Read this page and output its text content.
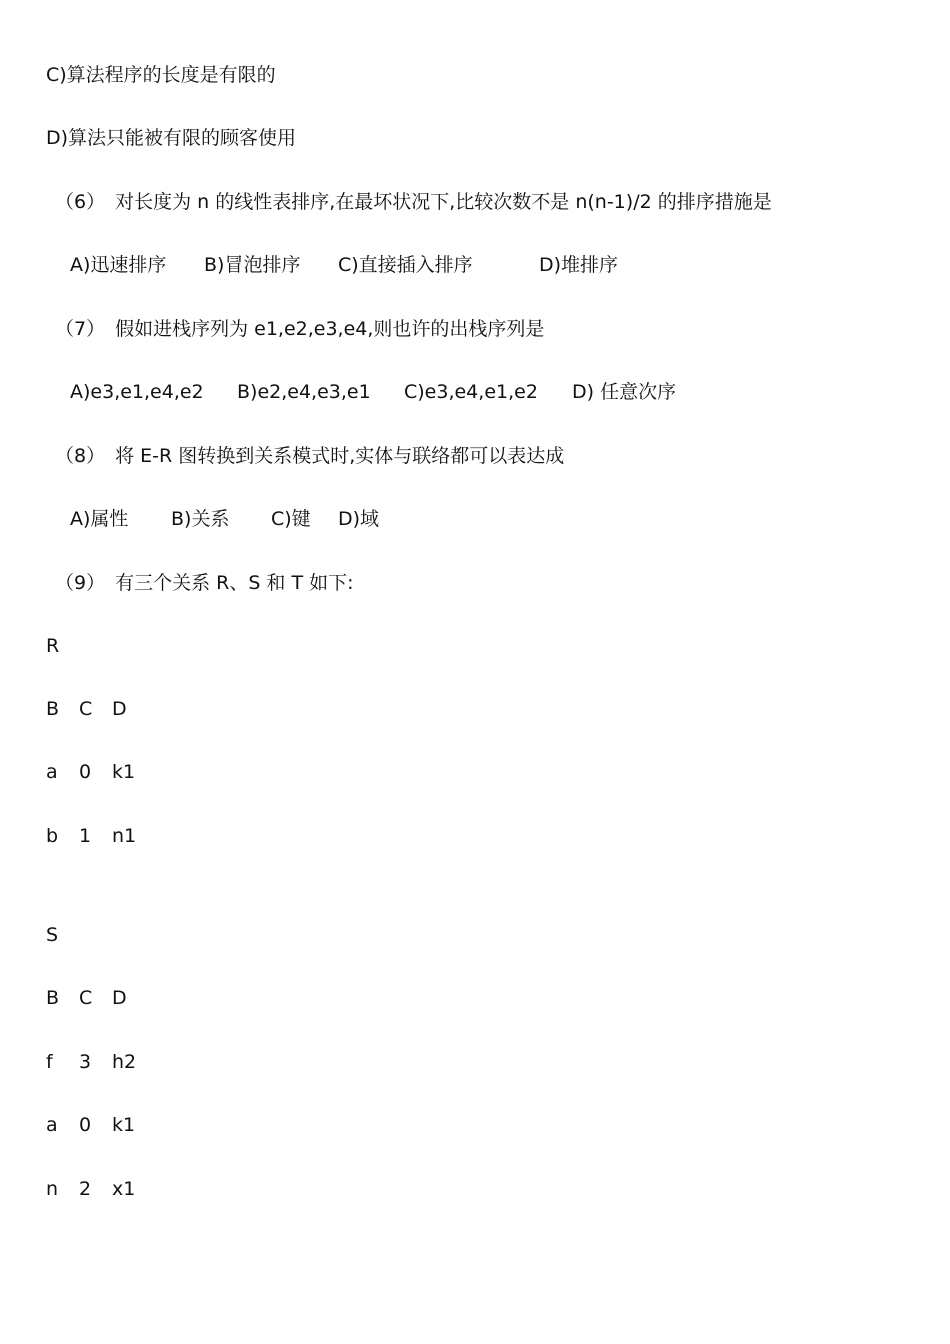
C)算法程序的长度是有限的
D)算法只能被有限的顾客使用
（6） 对长度为 n 的线性表排序,在最坏状况下,比较次数不是 n(n-1)/2 的排序措施是
A)迅速排序 B)冒泡排序 C)直接插入排序	D)堆排序
（7） 假如进栈序列为 e1,e2,e3,e4,则也许的出栈序列是
A)e3,e1,e4,e2 B)e2,e4,e3,e1 C)e3,e4,e1,e2 D) 任意次序
（8） 将 E-R 图转换到关系模式时,实体与联络都可以表达成
A)属性 B)关系 C)键 D)域
（9） 有三个关系 R、S 和 T 如下:
R
B C D
a 0 k1
b 1 n1
S
B C D
f 3 h2
a 0 k1
n 2 x1
